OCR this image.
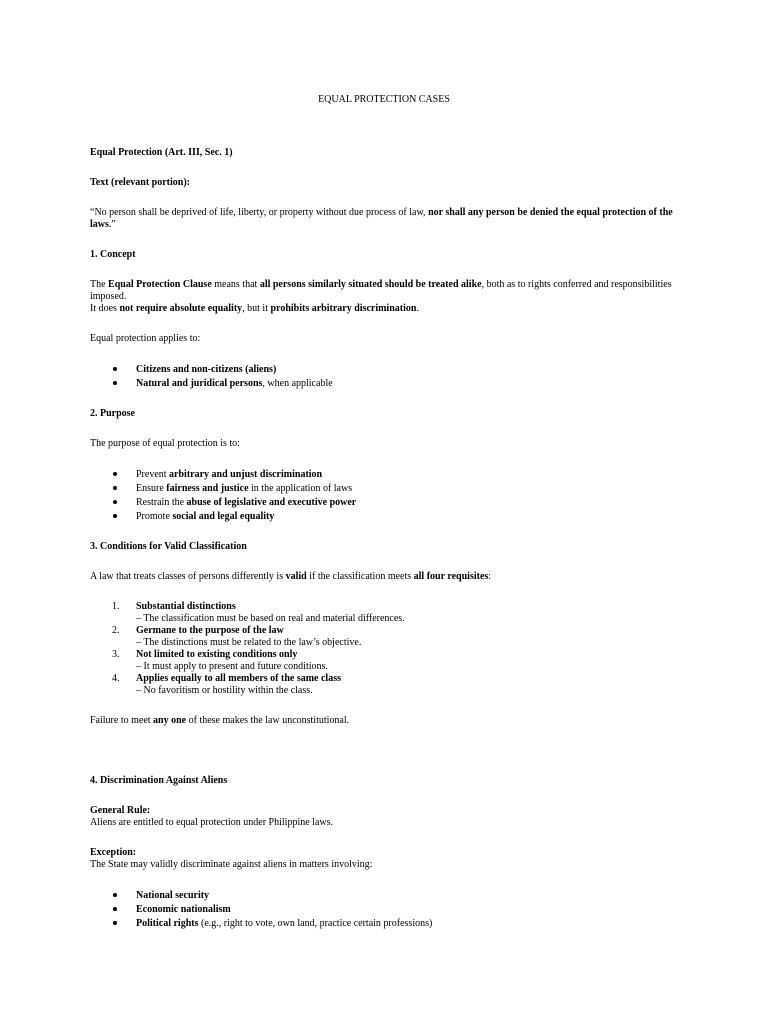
EQUAL PROTECTION CASES

Equal Protection (Art. III, Sec. 1)

Text (relevant portion):

“No person shall be deprived of life, liberty, or property without due process of law, nor shall any person be denied the equal protection of the laws.”

1. Concept

The Equal Protection Clause means that all persons similarly situated should be treated alike, both as to rights conferred and responsibilities imposed.

It does not require absolute equality, but it prohibits arbitrary discrimination.

Equal protection applies to:

Citizens and non-citizens (aliens)
Natural and juridical persons, when applicable

2. Purpose

The purpose of equal protection is to:

Prevent arbitrary and unjust discrimination
Ensure fairness and justice in the application of laws
Restrain the abuse of legislative and executive power
Promote social and legal equality

3. Conditions for Valid Classification

A law that treats classes of persons differently is valid if the classification meets all four requisites:

1. Substantial distinctions
– The classification must be based on real and material differences.
2. Germane to the purpose of the law
– The distinctions must be related to the law’s objective.
3. Not limited to existing conditions only
– It must apply to present and future conditions.
4. Applies equally to all members of the same class
– No favoritism or hostility within the class.

Failure to meet any one of these makes the law unconstitutional.

4. Discrimination Against Aliens

General Rule:
Aliens are entitled to equal protection under Philippine laws.

Exception:
The State may validly discriminate against aliens in matters involving:

National security
Economic nationalism
Political rights (e.g., right to vote, own land, practice certain professions)
